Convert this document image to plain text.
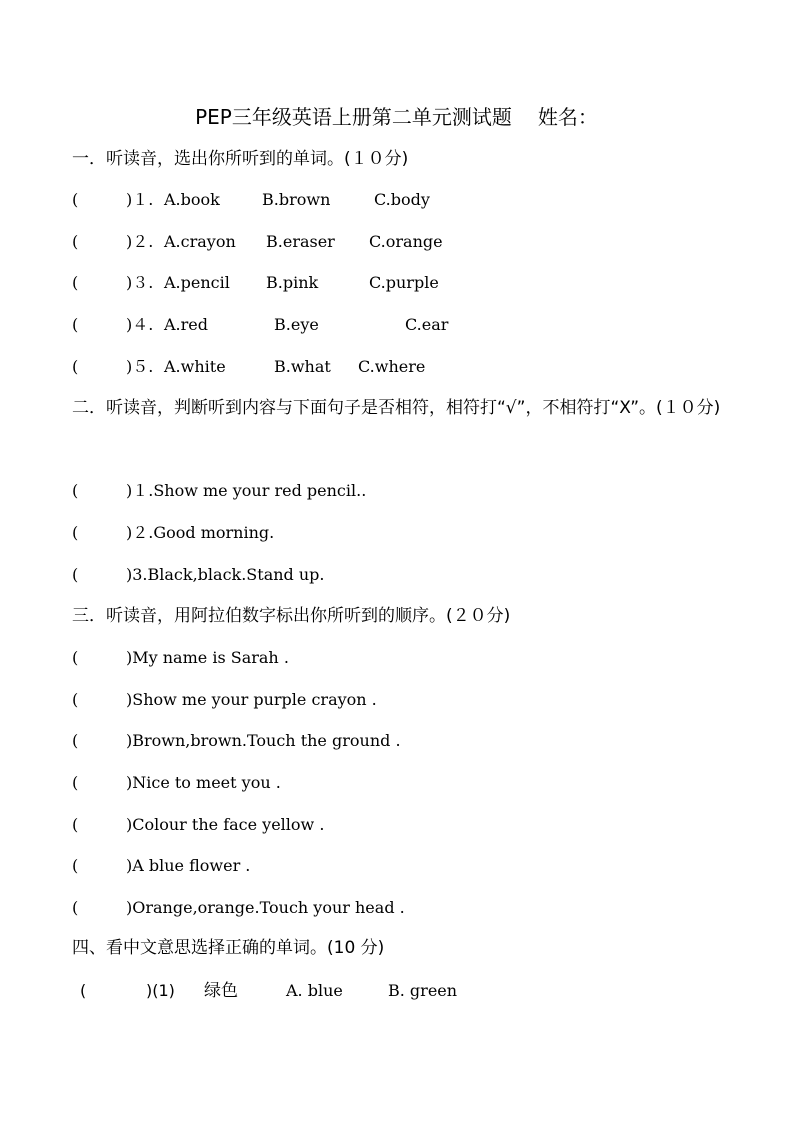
PEP三年级英语上册第二单元测试题 姓名：
一．听读音，选出你所听到的单词。(１０分)
(	)１. A.book	B.brown	C.body
(	)２. A.crayon B.eraser C.orange
(	)３. A.pencil B.pink	C.purple
(	)４. A.red	B.eye	C.ear
(	)５. A.white	B.what C.where
二．听读音，判断听到内容与下面句子是否相符，相符打“√”，不相符打“X”。(１０分)
(	)１.Show me your red pencil..
(	)２.Good morning.
(	)3.Black,black.Stand up.
三．听读音，用阿拉伯数字标出你所听到的顺序。(２０分)
(	)My name is Sarah .
(	)Show me your purple crayon .
(	)Brown,brown.Touch the ground .
(	)Nice to meet you .
(	)Colour the face yellow .
(	)A blue flower .
(	)Orange,orange.Touch your head .
四、看中文意思选择正确的单词。(10 分)
(	)(1) 绿色	A. blue	B. green
